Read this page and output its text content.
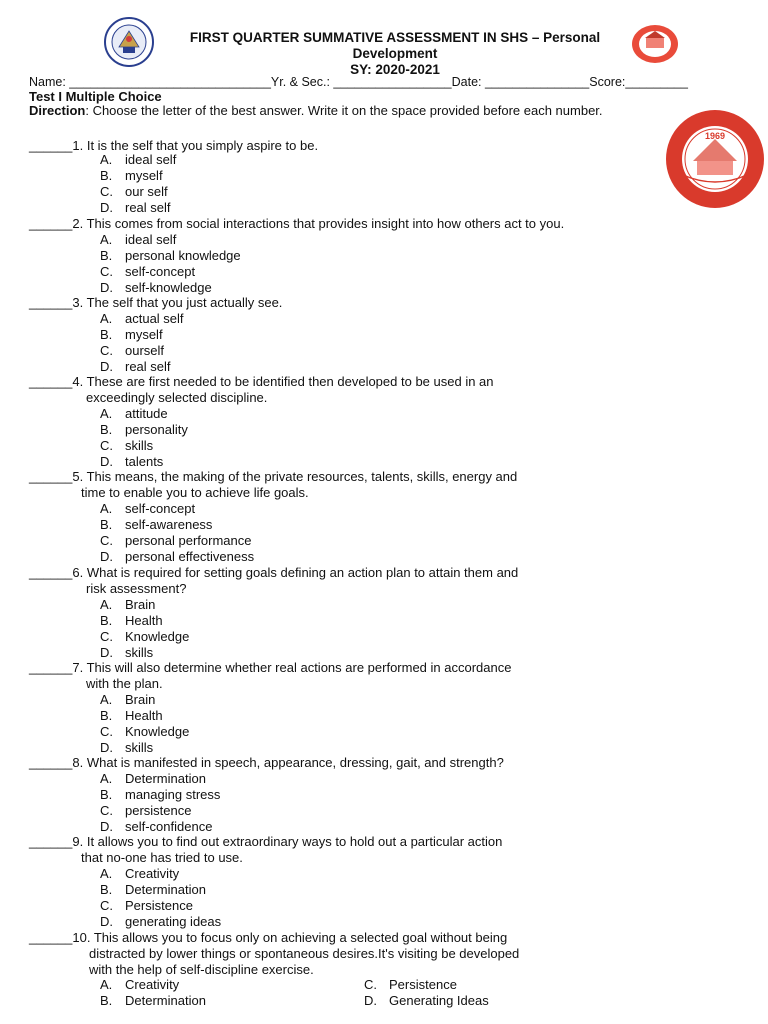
1969
FIRST QUARTER SUMMATIVE ASSESSMENT IN SHS – Personal Development
SY: 2020-2021
Name: _____________________________Yr. & Sec.: _________________Date: _______________Score:_________
Test I Multiple Choice
Direction: Choose the letter of the best answer. Write it on the space provided before each number.
______1. It is the self that you simply aspire to be.
A. ideal self
B. myself
C. our self
D. real self
______2. This comes from social interactions that provides insight into how others act to you.
A. ideal self
B. personal knowledge
C. self-concept
D. self-knowledge
______3. The self that you just actually see.
A. actual self
B. myself
C. ourself
D. real self
______4. These are first needed to be identified then developed to be used in an
exceedingly selected discipline.
A. attitude
B. personality
C. skills
D. talents
______5. This means, the making of the private resources, talents, skills, energy and
time to enable you to achieve life goals.
A. self-concept
B. self-awareness
C. personal performance
D. personal effectiveness
______6. What is required for setting goals defining an action plan to attain them and
risk assessment?
A. Brain
B. Health
C. Knowledge
D. skills
______7. This will also determine whether real actions are performed in accordance
with the plan.
A. Brain
B. Health
C. Knowledge
D. skills
______8. What is manifested in speech, appearance, dressing, gait, and strength?
A. Determination
B. managing stress
C. persistence
D. self-confidence
______9. It allows you to find out extraordinary ways to hold out a particular action
that no-one has tried to use.
A. Creativity
B. Determination
C. Persistence
D. generating ideas
______10. This allows you to focus only on achieving a selected goal without being
distracted by lower things or spontaneous desires.It's visiting be developed
with the help of self-discipline exercise.
A. Creativity	C. Persistence
B. Determination	D. Generating Ideas
